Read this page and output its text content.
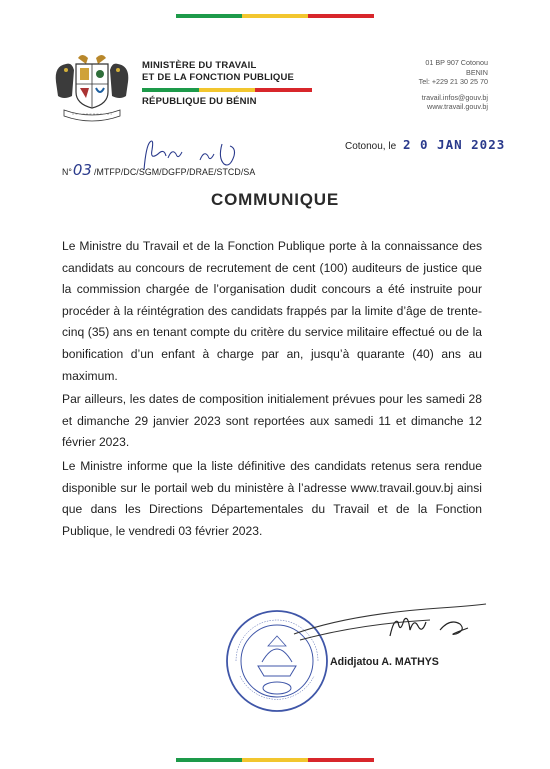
MINISTÈRE DU TRAVAIL
ET DE LA FONCTION PUBLIQUE
RÉPUBLIQUE DU BÉNIN
01 BP 907 Cotonou
BENIN
Tel: +229 21 30 25 70
travail.infos@gouv.bj
www.travail.gouv.bj
Cotonou, le 2 0 JAN 2023
N°03 /MTFP/DC/SGM/DGFP/DRAE/STCD/SA
COMMUNIQUE

Le Ministre du Travail et de la Fonction Publique porte à la connaissance des candidats au concours de recrutement de cent (100) auditeurs de justice que la commission chargée de l’organisation dudit concours a été instruite pour procéder à la réintégration des candidats frappés par la limite d’âge de trente-cinq (35) ans en tenant compte du critère du service militaire effectué ou de la bonification d’un enfant à charge par an, jusqu’à quarante (40) ans au maximum.

Par ailleurs, les dates de composition initialement prévues pour les samedi 28 et dimanche 29 janvier 2023 sont reportées aux samedi 11 et dimanche 12 février 2023.

Le Ministre informe que la liste définitive des candidats retenus sera rendue disponible sur le portail web du ministère à l’adresse www.travail.gouv.bj ainsi que dans les Directions Départementales du Travail et de la Fonction Publique, le vendredi 03 février 2023.

Adidjatou A. MATHYS
